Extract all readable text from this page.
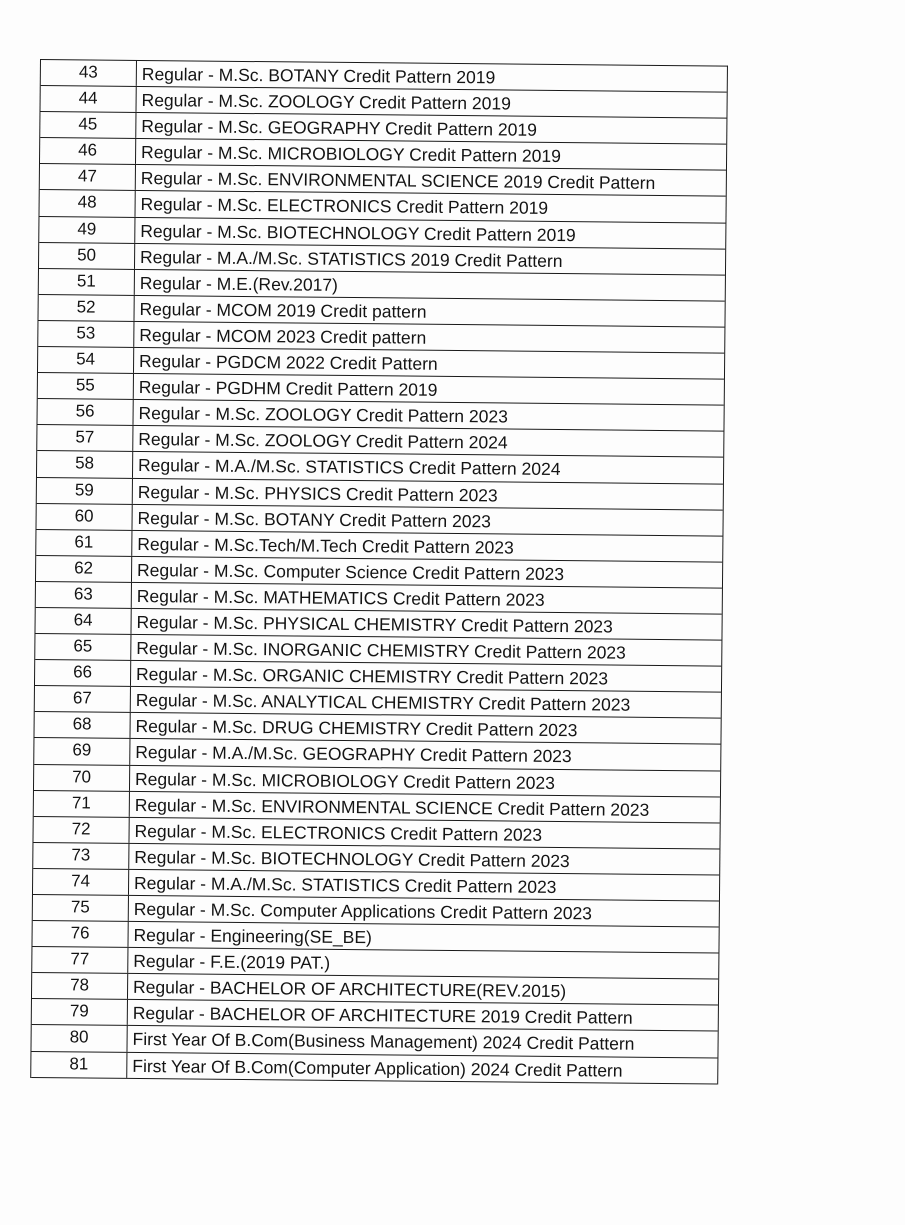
43	Regular - M.Sc. BOTANY Credit Pattern 2019
44	Regular - M.Sc. ZOOLOGY Credit Pattern 2019
45	Regular - M.Sc. GEOGRAPHY Credit Pattern 2019
46	Regular - M.Sc. MICROBIOLOGY Credit Pattern 2019
47	Regular - M.Sc. ENVIRONMENTAL SCIENCE 2019 Credit Pattern
48	Regular - M.Sc. ELECTRONICS Credit Pattern 2019
49	Regular - M.Sc. BIOTECHNOLOGY Credit Pattern 2019
50	Regular - M.A./M.Sc. STATISTICS 2019 Credit Pattern
51	Regular - M.E.(Rev.2017)
52	Regular - MCOM 2019 Credit pattern
53	Regular - MCOM 2023 Credit pattern
54	Regular - PGDCM 2022 Credit Pattern
55	Regular - PGDHM Credit Pattern 2019
56	Regular - M.Sc. ZOOLOGY Credit Pattern 2023
57	Regular - M.Sc. ZOOLOGY Credit Pattern 2024
58	Regular - M.A./M.Sc. STATISTICS Credit Pattern 2024
59	Regular - M.Sc. PHYSICS Credit Pattern 2023
60	Regular - M.Sc. BOTANY Credit Pattern 2023
61	Regular - M.Sc.Tech/M.Tech Credit Pattern 2023
62	Regular - M.Sc. Computer Science Credit Pattern 2023
63	Regular - M.Sc. MATHEMATICS Credit Pattern 2023
64	Regular - M.Sc. PHYSICAL CHEMISTRY Credit Pattern 2023
65	Regular - M.Sc. INORGANIC CHEMISTRY Credit Pattern 2023
66	Regular - M.Sc. ORGANIC CHEMISTRY Credit Pattern 2023
67	Regular - M.Sc. ANALYTICAL CHEMISTRY Credit Pattern 2023
68	Regular - M.Sc. DRUG CHEMISTRY Credit Pattern 2023
69	Regular - M.A./M.Sc. GEOGRAPHY Credit Pattern 2023
70	Regular - M.Sc. MICROBIOLOGY Credit Pattern 2023
71	Regular - M.Sc. ENVIRONMENTAL SCIENCE Credit Pattern 2023
72	Regular - M.Sc. ELECTRONICS Credit Pattern 2023
73	Regular - M.Sc. BIOTECHNOLOGY Credit Pattern 2023
74	Regular - M.A./M.Sc. STATISTICS Credit Pattern 2023
75	Regular - M.Sc. Computer Applications Credit Pattern 2023
76	Regular - Engineering(SE_BE)
77	Regular - F.E.(2019 PAT.)
78	Regular - BACHELOR OF ARCHITECTURE(REV.2015)
79	Regular - BACHELOR OF ARCHITECTURE 2019 Credit Pattern
80	First Year Of B.Com(Business Management) 2024 Credit Pattern
81	First Year Of B.Com(Computer Application) 2024 Credit Pattern
